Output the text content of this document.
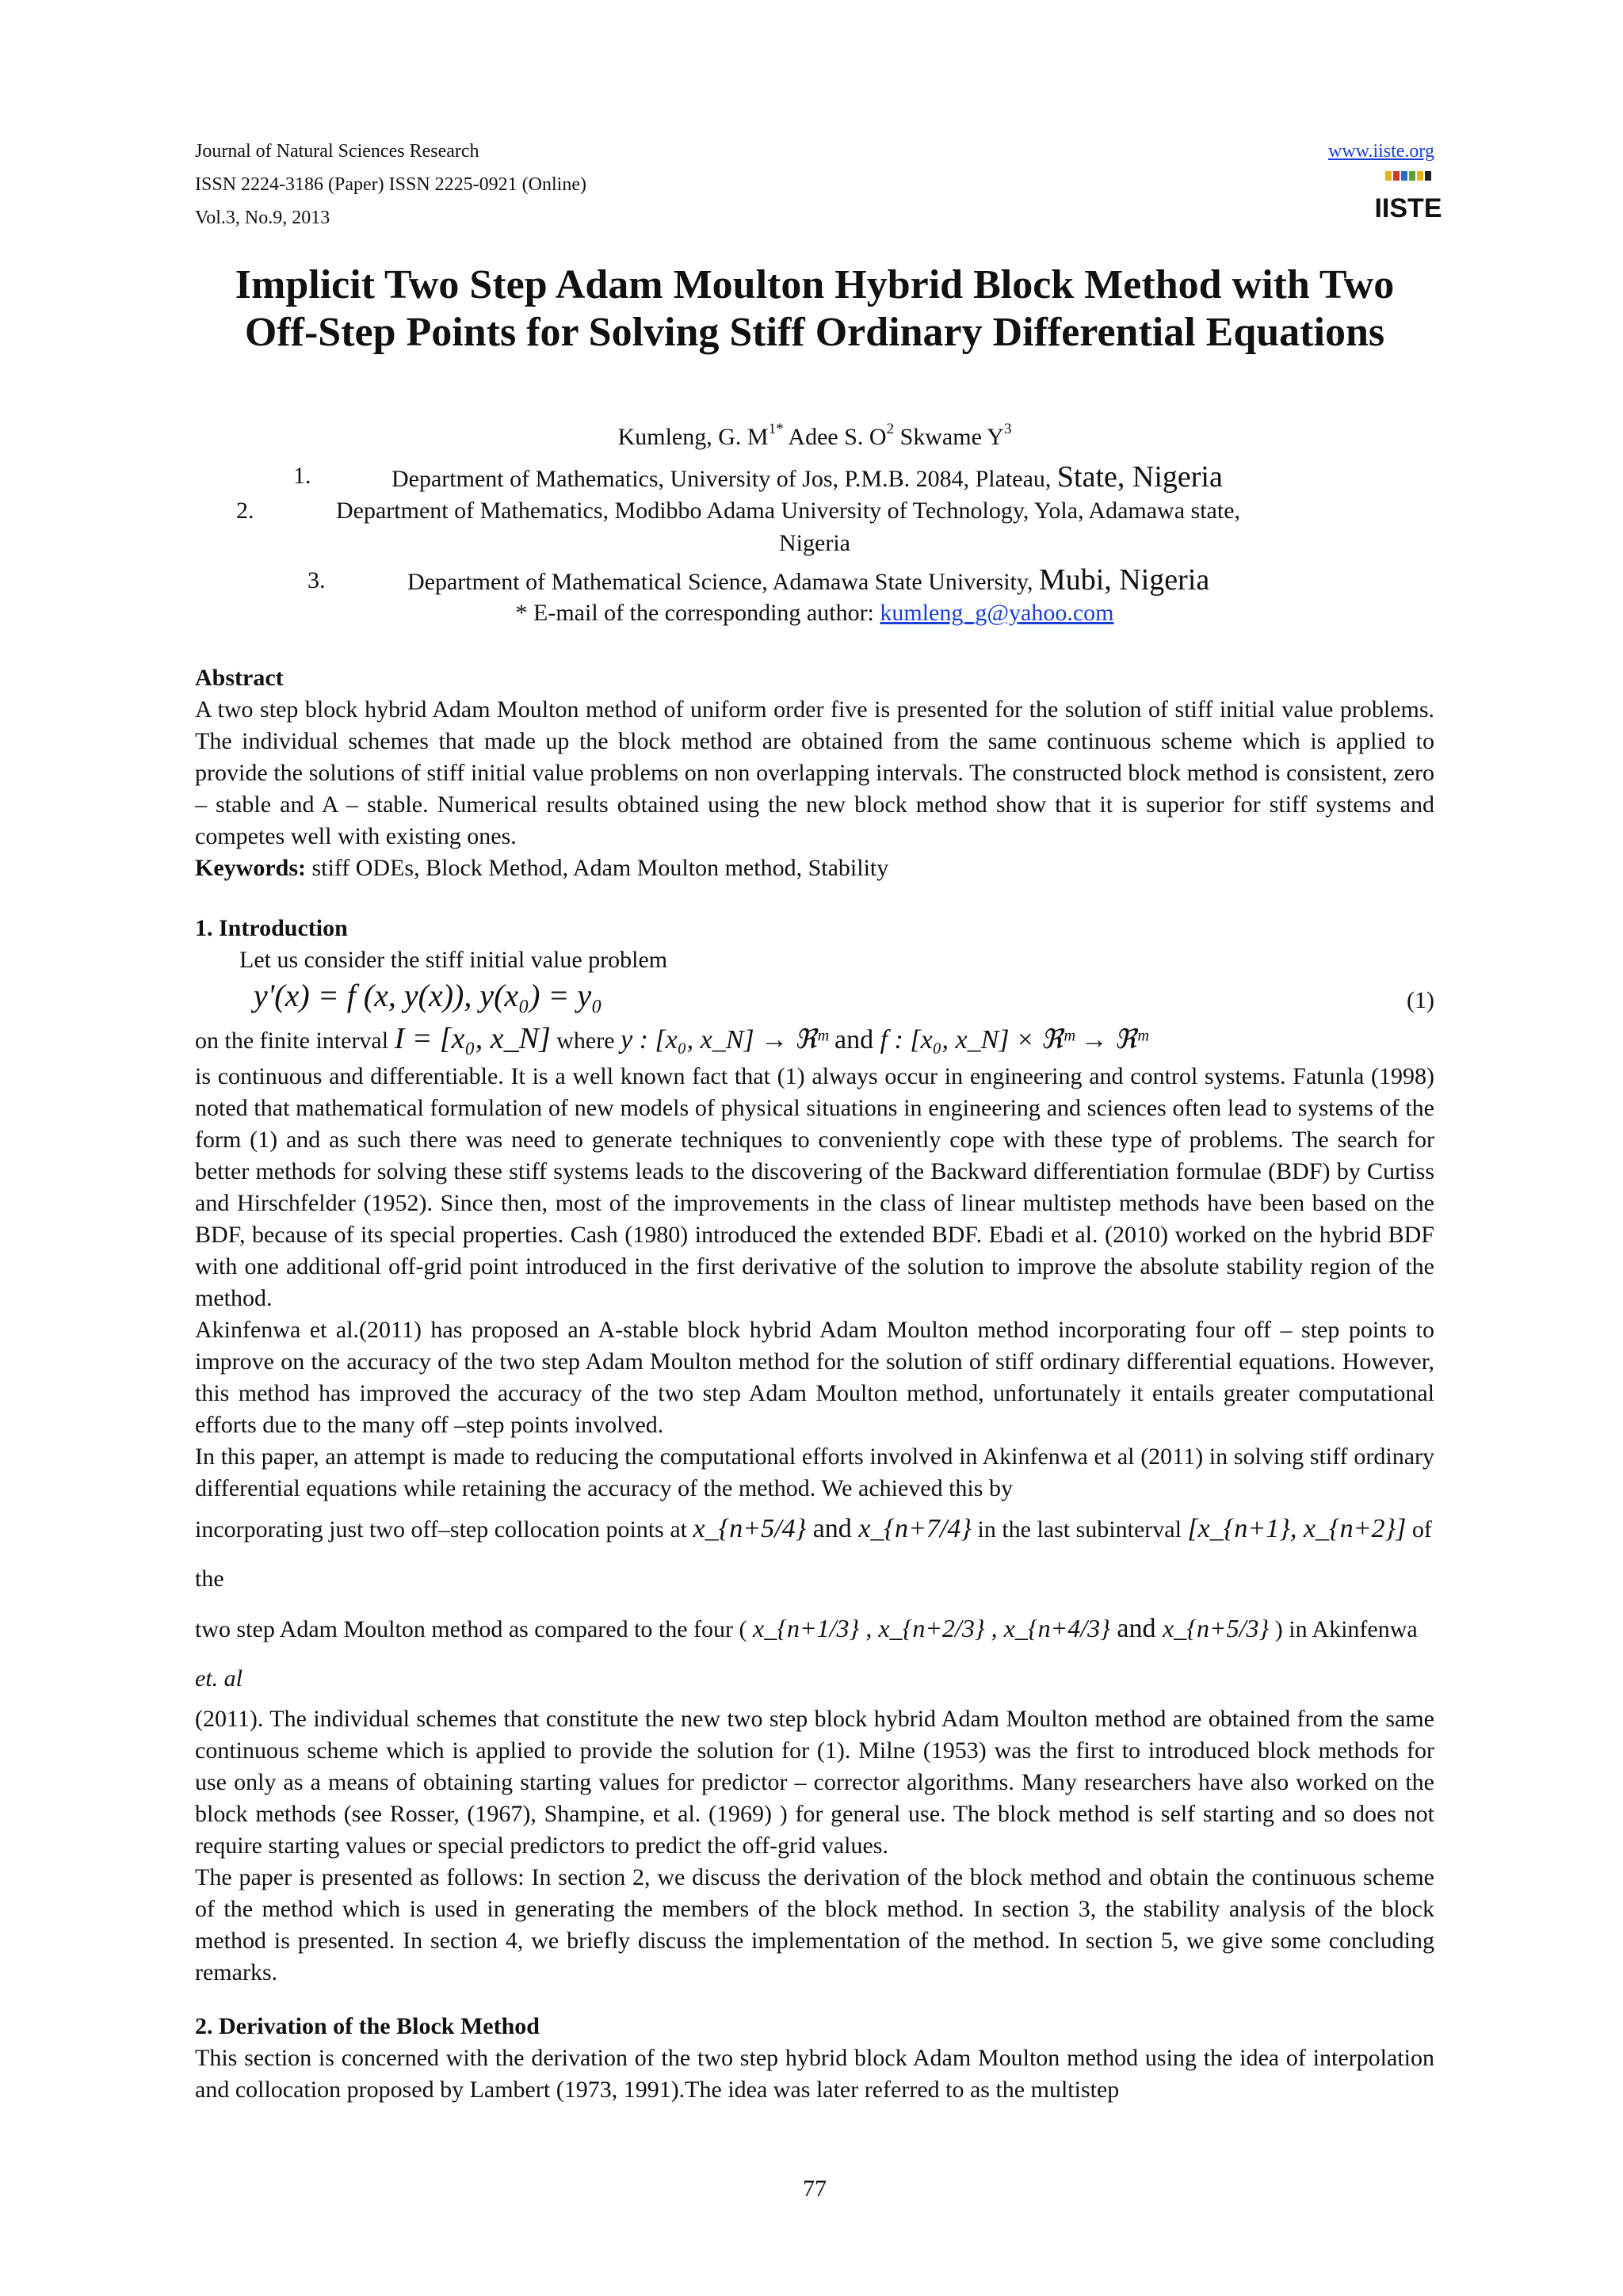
Journal of Natural Sciences Research
ISSN 2224-3186 (Paper) ISSN 2225-0921 (Online)
Vol.3, No.9, 2013
www.iiste.org
IISTE
Implicit Two Step Adam Moulton Hybrid Block Method with Two Off-Step Points for Solving Stiff Ordinary Differential Equations
Kumleng, G. $M^{1*}$ Adee S. $O^2$ Skwame $Y^3$
1.	Department of Mathematics, University of Jos, P.M.B. 2084, Plateau, State, Nigeria
2.	Department of Mathematics, Modibbo Adama University of Technology, Yola, Adamawa state,
Nigeria
3.	Department of Mathematical Science, Adamawa State University, Mubi, Nigeria
* E-mail of the corresponding author: kumleng_g@yahoo.com

Abstract

A two step block hybrid Adam Moulton method of uniform order five is presented for the solution of stiff initial value problems. The individual schemes that made up the block method are obtained from the same continuous scheme which is applied to provide the solutions of stiff initial value problems on non overlapping intervals. The constructed block method is consistent, zero – stable and A – stable. Numerical results obtained using the new block method show that it is superior for stiff systems and competes well with existing ones.

Keywords: stiff ODEs, Block Method, Adam Moulton method, Stability

1. Introduction

Let us consider the stiff initial value problem

y'(x) = f (x, y(x)), y(x₀) = y₀	(1)

on the finite interval I = [x₀, x_N] where y : [x₀, x_N] → ℜᵐ and f : [x₀, x_N] × ℜᵐ → ℜᵐ

is continuous and differentiable. It is a well known fact that (1) always occur in engineering and control systems. Fatunla (1998) noted that mathematical formulation of new models of physical situations in engineering and sciences often lead to systems of the form (1) and as such there was need to generate techniques to conveniently cope with these type of problems. The search for better methods for solving these stiff systems leads to the discovering of the Backward differentiation formulae (BDF) by Curtiss and Hirschfelder (1952). Since then, most of the improvements in the class of linear multistep methods have been based on the BDF, because of its special properties. Cash (1980) introduced the extended BDF. Ebadi et al. (2010) worked on the hybrid BDF with one additional off-grid point introduced in the first derivative of the solution to improve the absolute stability region of the method.

Akinfenwa et al.(2011) has proposed an A-stable block hybrid Adam Moulton method incorporating four off – step points to improve on the accuracy of the two step Adam Moulton method for the solution of stiff ordinary differential equations. However, this method has improved the accuracy of the two step Adam Moulton method, unfortunately it entails greater computational efforts due to the many off –step points involved.

In this paper, an attempt is made to reducing the computational efforts involved in Akinfenwa et al (2011) in solving stiff ordinary differential equations while retaining the accuracy of the method. We achieved this by

incorporating just two off–step collocation points at x_{n+5/4} and x_{n+7/4} in the last subinterval [x_{n+1}, x_{n+2}] of the

two step Adam Moulton method as compared to the four ( x_{n+1/3} , x_{n+2/3} , x_{n+4/3} and x_{n+5/3} ) in Akinfenwa et. al

(2011). The individual schemes that constitute the new two step block hybrid Adam Moulton method are obtained from the same continuous scheme which is applied to provide the solution for (1). Milne (1953) was the first to introduced block methods for use only as a means of obtaining starting values for predictor – corrector algorithms. Many researchers have also worked on the block methods (see Rosser, (1967), Shampine, et al. (1969) ) for general use. The block method is self starting and so does not require starting values or special predictors to predict the off-grid values.

The paper is presented as follows: In section 2, we discuss the derivation of the block method and obtain the continuous scheme of the method which is used in generating the members of the block method. In section 3, the stability analysis of the block method is presented. In section 4, we briefly discuss the implementation of the method. In section 5, we give some concluding remarks.

2. Derivation of the Block Method

This section is concerned with the derivation of the two step hybrid block Adam Moulton method using the idea of interpolation and collocation proposed by Lambert (1973, 1991).The idea was later referred to as the multistep

77
